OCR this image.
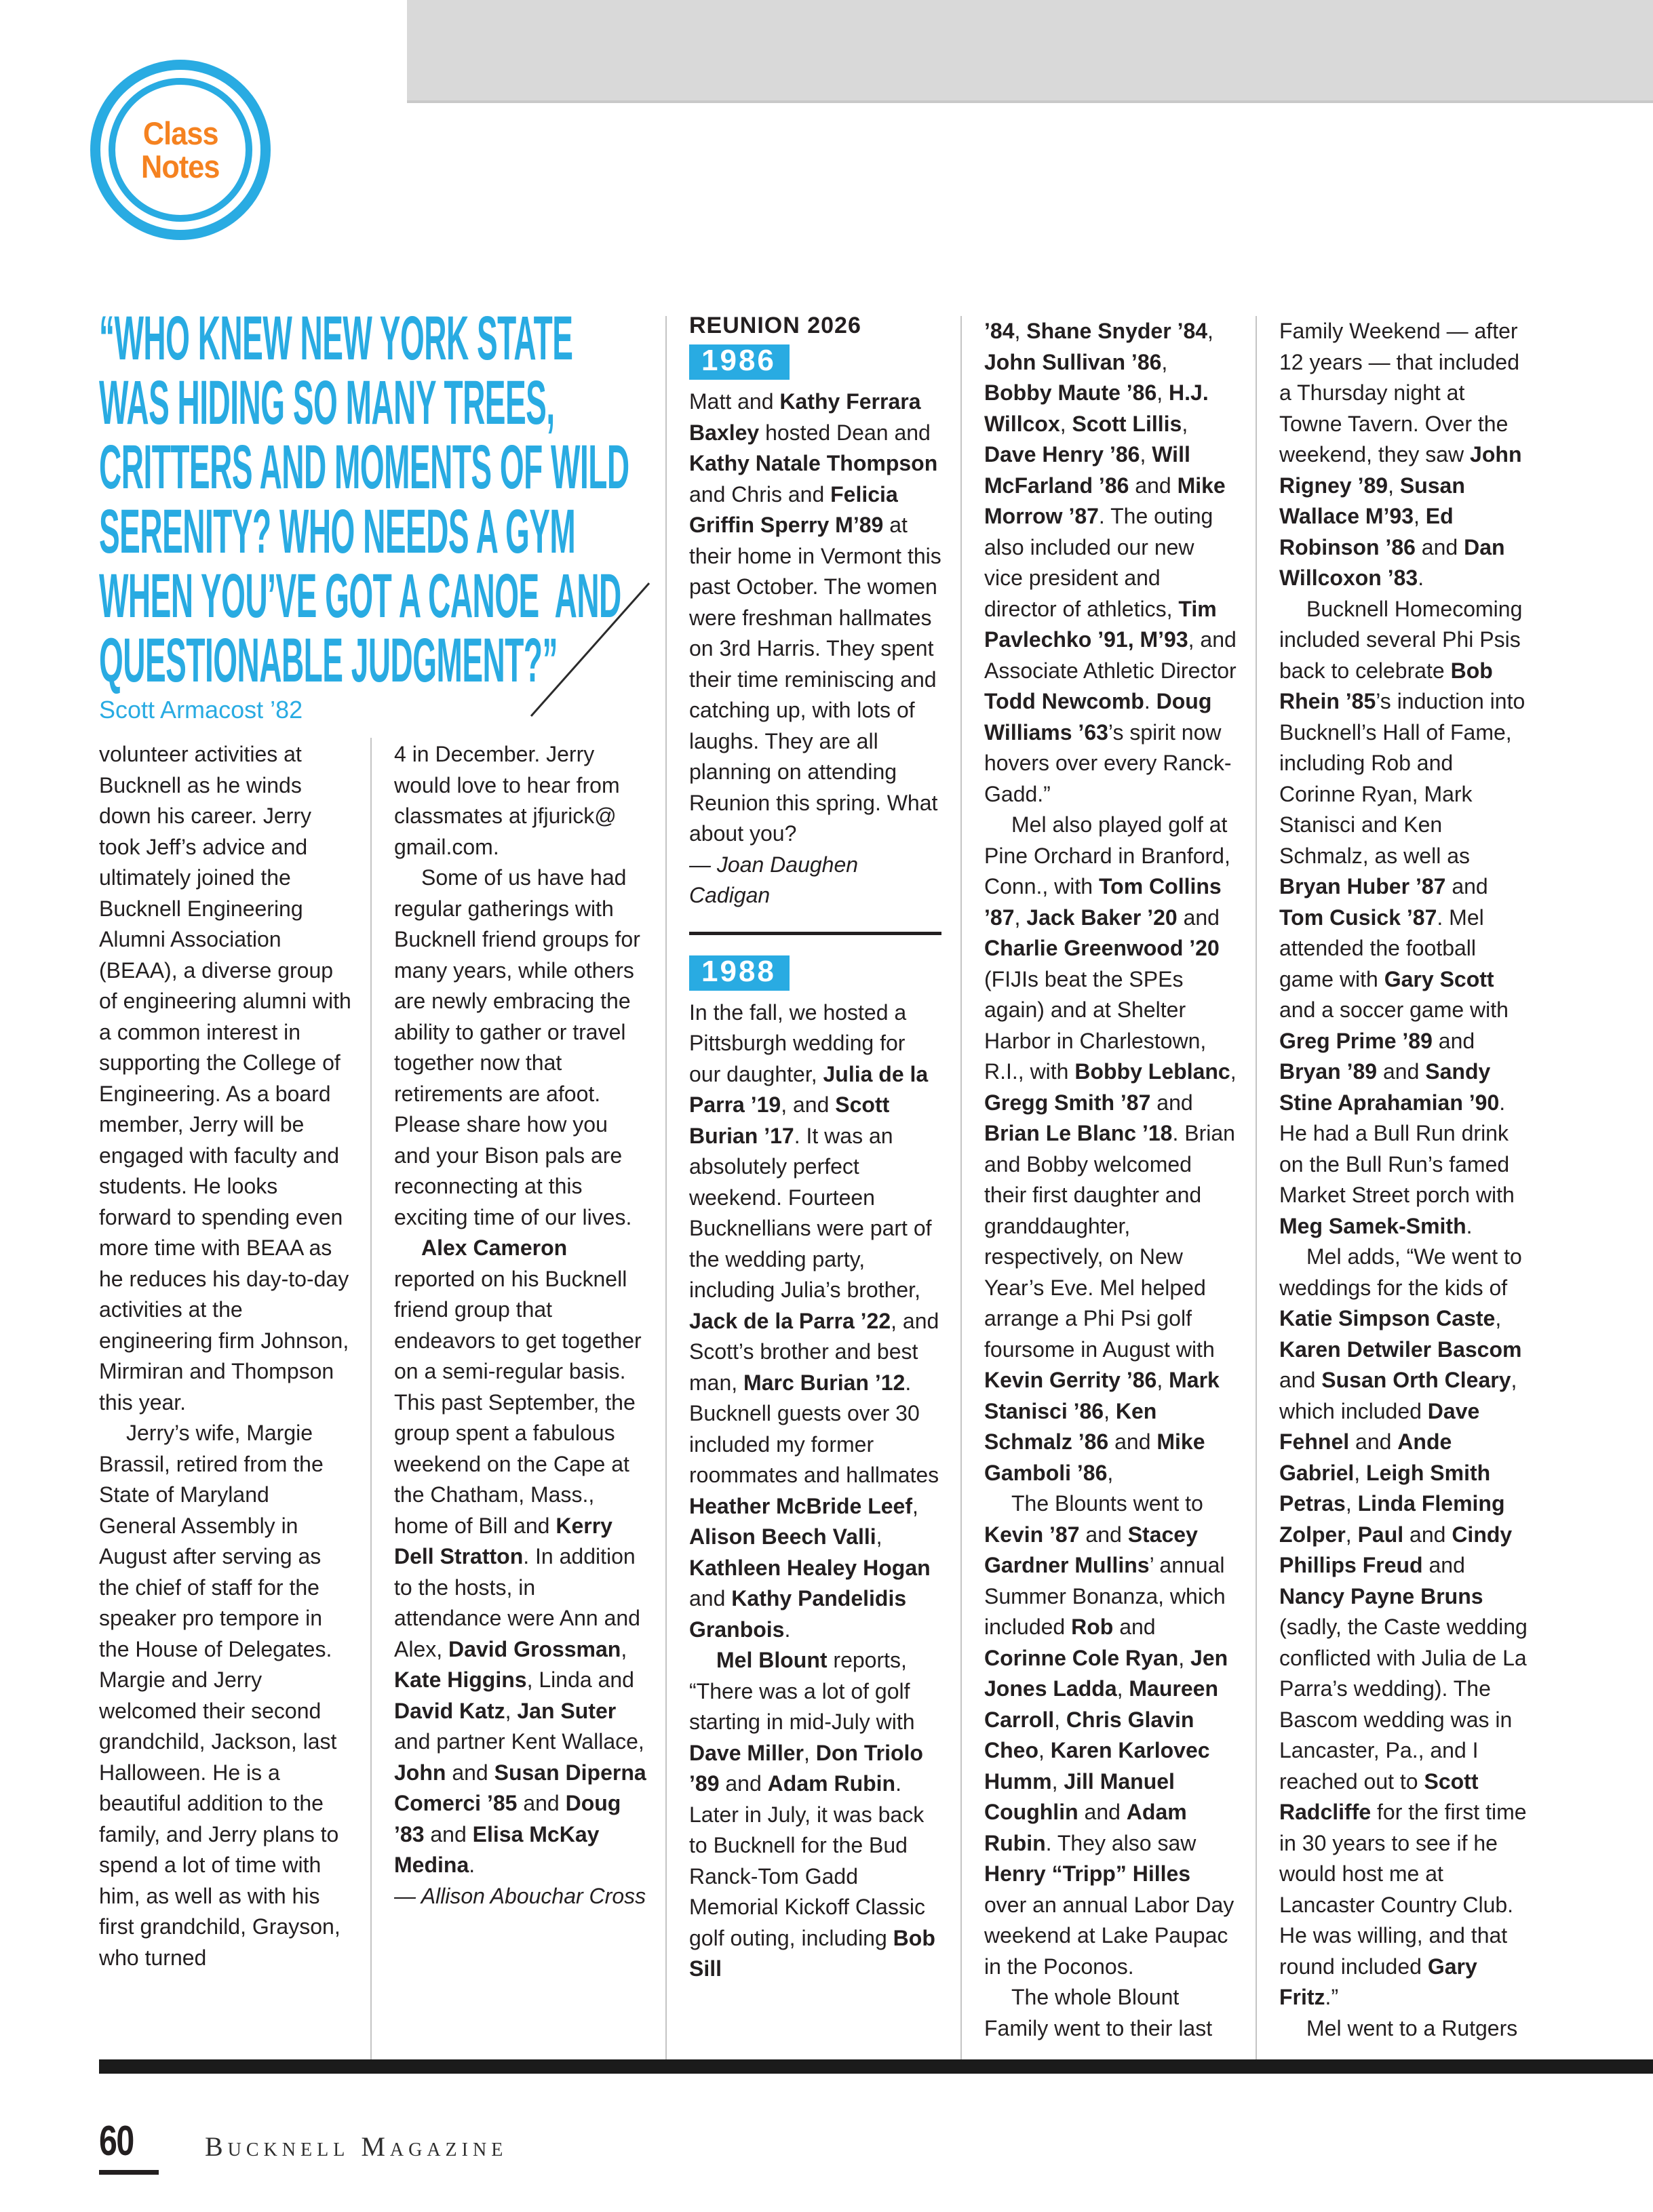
Class
Notes
“WHO KNEW NEW YORK STATE
WAS HIDING SO MANY TREES,
CRITTERS AND MOMENTS OF WILD
SERENITY? WHO NEEDS A GYM
WHEN YOU’VE GOT A CANOE  AND
QUESTIONABLE JUDGMENT?”
Scott Armacost ’82

volunteer activities at Bucknell as he winds down his career. Jerry took Jeff’s advice and ultimately joined the Bucknell Engineering Alumni Association (BEAA), a diverse group of engineering alumni with a common interest in supporting the College of Engineering. As a board member, Jerry will be engaged with faculty and students. He looks forward to spending even more time with BEAA as he reduces his day-to-day activities at the engineering firm Johnson, Mirmiran and Thompson this year.

Jerry’s wife, Margie Brassil, retired from the State of Maryland General Assembly in August after serving as the chief of staff for the speaker pro tempore in the House of Delegates. Margie and Jerry welcomed their second grandchild, Jackson, last Halloween. He is a beautiful addition to the family, and Jerry plans to spend a lot of time with him, as well as with his first grandchild, Grayson, who turned

4 in December. Jerry would love to hear from classmates at jfjurick@ gmail.com.

Some of us have had regular gatherings with Bucknell friend groups for many years, while others are newly embracing the ability to gather or travel together now that retirements are afoot. Please share how you and your Bison pals are reconnecting at this exciting time of our lives.

Alex Cameron reported on his Bucknell friend group that endeavors to get together on a semi-regular basis. This past September, the group spent a fabulous weekend on the Cape at the Chatham, Mass., home of Bill and Kerry Dell Stratton. In addition to the hosts, in attendance were Ann and Alex, David Grossman, Kate Higgins, Linda and David Katz, Jan Suter and partner Kent Wallace, John and Susan Diperna Comerci ’85 and Doug ’83 and Elisa McKay Medina.

— Allison Abouchar Cross

REUNION 2026
1986

Matt and Kathy Ferrara Baxley hosted Dean and Kathy Natale Thompson and Chris and Felicia Griffin Sperry M’89 at their home in Vermont this past October. The women were freshman hallmates on 3rd Harris. They spent their time reminiscing and catching up, with lots of laughs. They are all planning on attending Reunion this spring. What about you?

— Joan Daughen Cadigan

1988

In the fall, we hosted a Pittsburgh wedding for our daughter, Julia de la Parra ’19, and Scott Burian ’17. It was an absolutely perfect weekend. Fourteen Bucknellians were part of the wedding party, including Julia’s brother, Jack de la Parra ’22, and Scott’s brother and best man, Marc Burian ’12. Bucknell guests over 30 included my former roommates and hallmates Heather McBride Leef, Alison Beech Valli, Kathleen Healey Hogan and Kathy Pandelidis Granbois.

Mel Blount reports, “There was a lot of golf starting in mid-July with Dave Miller, Don Triolo ’89 and Adam Rubin. Later in July, it was back to Bucknell for the Bud Ranck-Tom Gadd Memorial Kickoff Classic golf outing, including Bob Sill

’84, Shane Snyder ’84, John Sullivan ’86, Bobby Maute ’86, H.J. Willcox, Scott Lillis, Dave Henry ’86, Will McFarland ’86 and Mike Morrow ’87. The outing also included our new vice president and director of athletics, Tim Pavlechko ’91, M’93, and Associate Athletic Director Todd Newcomb. Doug Williams ’63’s spirit now hovers over every Ranck-Gadd.”

Mel also played golf at Pine Orchard in Branford, Conn., with Tom Collins ’87, Jack Baker ’20 and Charlie Greenwood ’20 (FIJIs beat the SPEs again) and at Shelter Harbor in Charlestown, R.I., with Bobby Leblanc, Gregg Smith ’87 and Brian Le Blanc ’18. Brian and Bobby welcomed their first daughter and granddaughter, respectively, on New Year’s Eve. Mel helped arrange a Phi Psi golf foursome in August with Kevin Gerrity ’86, Mark Stanisci ’86, Ken Schmalz ’86 and Mike Gamboli ’86,

The Blounts went to Kevin ’87 and Stacey Gardner Mullins’ annual Summer Bonanza, which included Rob and Corinne Cole Ryan, Jen Jones Ladda, Maureen Carroll, Chris Glavin Cheo, Karen Karlovec Humm, Jill Manuel Coughlin and Adam Rubin. They also saw Henry “Tripp” Hilles over an annual Labor Day weekend at Lake Paupac in the Poconos.

The whole Blount Family went to their last

Family Weekend — after 12 years — that included a Thursday night at Towne Tavern. Over the weekend, they saw John Rigney ’89, Susan Wallace M’93, Ed Robinson ’86 and Dan Willcoxon ’83.

Bucknell Homecoming included several Phi Psis back to celebrate Bob Rhein ’85’s induction into Bucknell’s Hall of Fame, including Rob and Corinne Ryan, Mark Stanisci and Ken Schmalz, as well as Bryan Huber ’87 and Tom Cusick ’87. Mel attended the football game with Gary Scott and a soccer game with Greg Prime ’89 and Bryan ’89 and Sandy Stine Aprahamian ’90. He had a Bull Run drink on the Bull Run’s famed Market Street porch with Meg Samek-Smith.

Mel adds, “We went to weddings for the kids of Katie Simpson Caste, Karen Detwiler Bascom and Susan Orth Cleary, which included Dave Fehnel and Ande Gabriel, Leigh Smith Petras, Linda Fleming Zolper, Paul and Cindy Phillips Freud and Nancy Payne Bruns (sadly, the Caste wedding conflicted with Julia de La Parra’s wedding). The Bascom wedding was in Lancaster, Pa., and I reached out to Scott Radcliffe for the first time in 30 years to see if he would host me at Lancaster Country Club. He was willing, and that round included Gary Fritz.”

Mel went to a Rutgers

60	Bucknell Magazine
